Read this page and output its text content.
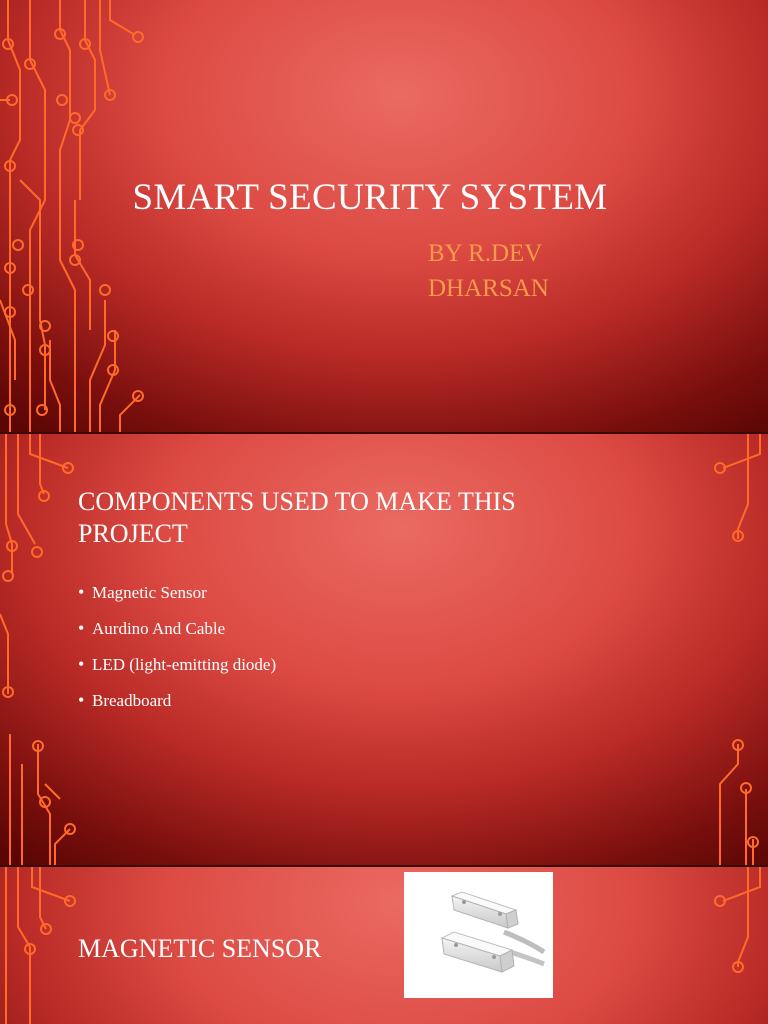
SMART SECURITY SYSTEM
BY R.DEV
DHARSAN
COMPONENTS USED TO MAKE THIS
PROJECT
• Magnetic Sensor
• Aurdino And Cable
• LED (light-emitting diode)
• Breadboard
MAGNETIC SENSOR
